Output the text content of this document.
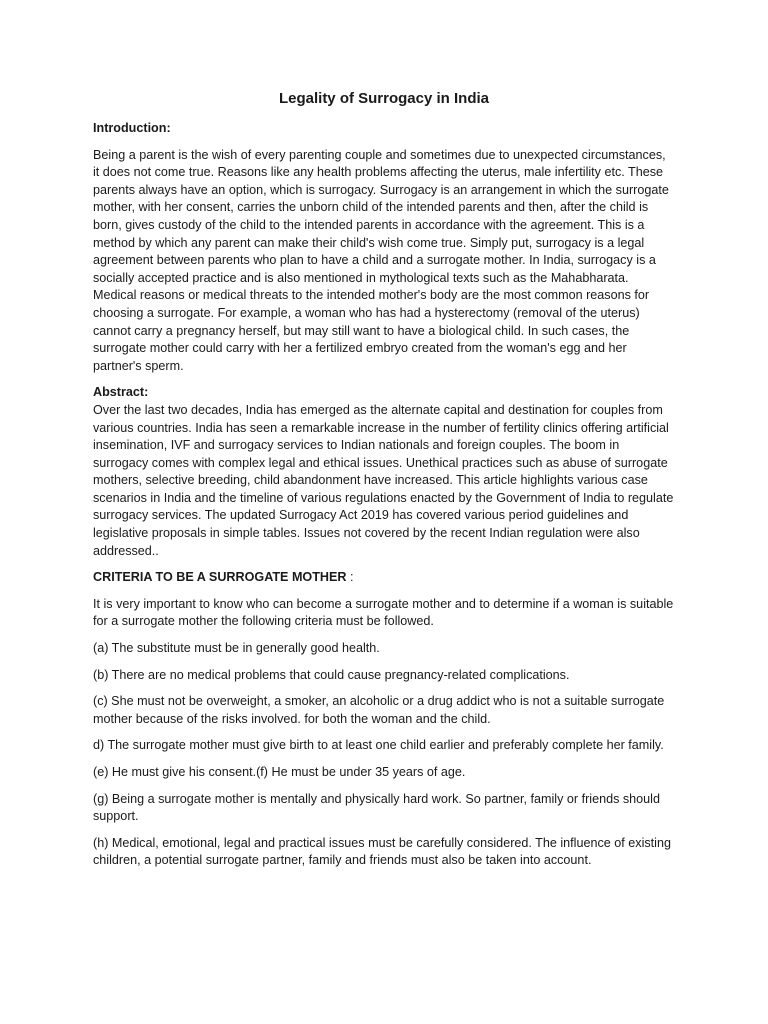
Legality of Surrogacy in India
Introduction:
Being a parent is the wish of every parenting couple and sometimes due to unexpected circumstances, it does not come true. Reasons like any health problems affecting the uterus, male infertility etc. These parents always have an option, which is surrogacy. Surrogacy is an arrangement in which the surrogate mother, with her consent, carries the unborn child of the intended parents and then, after the child is born, gives custody of the child to the intended parents in accordance with the agreement. This is a method by which any parent can make their child's wish come true. Simply put, surrogacy is a legal agreement between parents who plan to have a child and a surrogate mother. In India, surrogacy is a socially accepted practice and is also mentioned in mythological texts such as the Mahabharata. Medical reasons or medical threats to the intended mother's body are the most common reasons for choosing a surrogate. For example, a woman who has had a hysterectomy (removal of the uterus) cannot carry a pregnancy herself, but may still want to have a biological child. In such cases, the surrogate mother could carry with her a fertilized embryo created from the woman's egg and her partner's sperm.
Abstract:
Over the last two decades, India has emerged as the alternate capital and destination for couples from various countries. India has seen a remarkable increase in the number of fertility clinics offering artificial insemination, IVF and surrogacy services to Indian nationals and foreign couples. The boom in surrogacy comes with complex legal and ethical issues. Unethical practices such as abuse of surrogate mothers, selective breeding, child abandonment have increased. This article highlights various case scenarios in India and the timeline of various regulations enacted by the Government of India to regulate surrogacy services. The updated Surrogacy Act 2019 has covered various period guidelines and legislative proposals in simple tables. Issues not covered by the recent Indian regulation were also addressed..
CRITERIA TO BE A SURROGATE MOTHER :
It is very important to know who can become a surrogate mother and to determine if a woman is suitable for a surrogate mother the following criteria must be followed.
(a) The substitute must be in generally good health.
(b) There are no medical problems that could cause pregnancy-related complications.
(c) She must not be overweight, a smoker, an alcoholic or a drug addict who is not a suitable surrogate mother because of the risks involved. for both the woman and the child.
d) The surrogate mother must give birth to at least one child earlier and preferably complete her family.
(e) He must give his consent.(f) He must be under 35 years of age.
(g) Being a surrogate mother is mentally and physically hard work. So partner, family or friends should support.
(h) Medical, emotional, legal and practical issues must be carefully considered. The influence of existing children, a potential surrogate partner, family and friends must also be taken into account.
